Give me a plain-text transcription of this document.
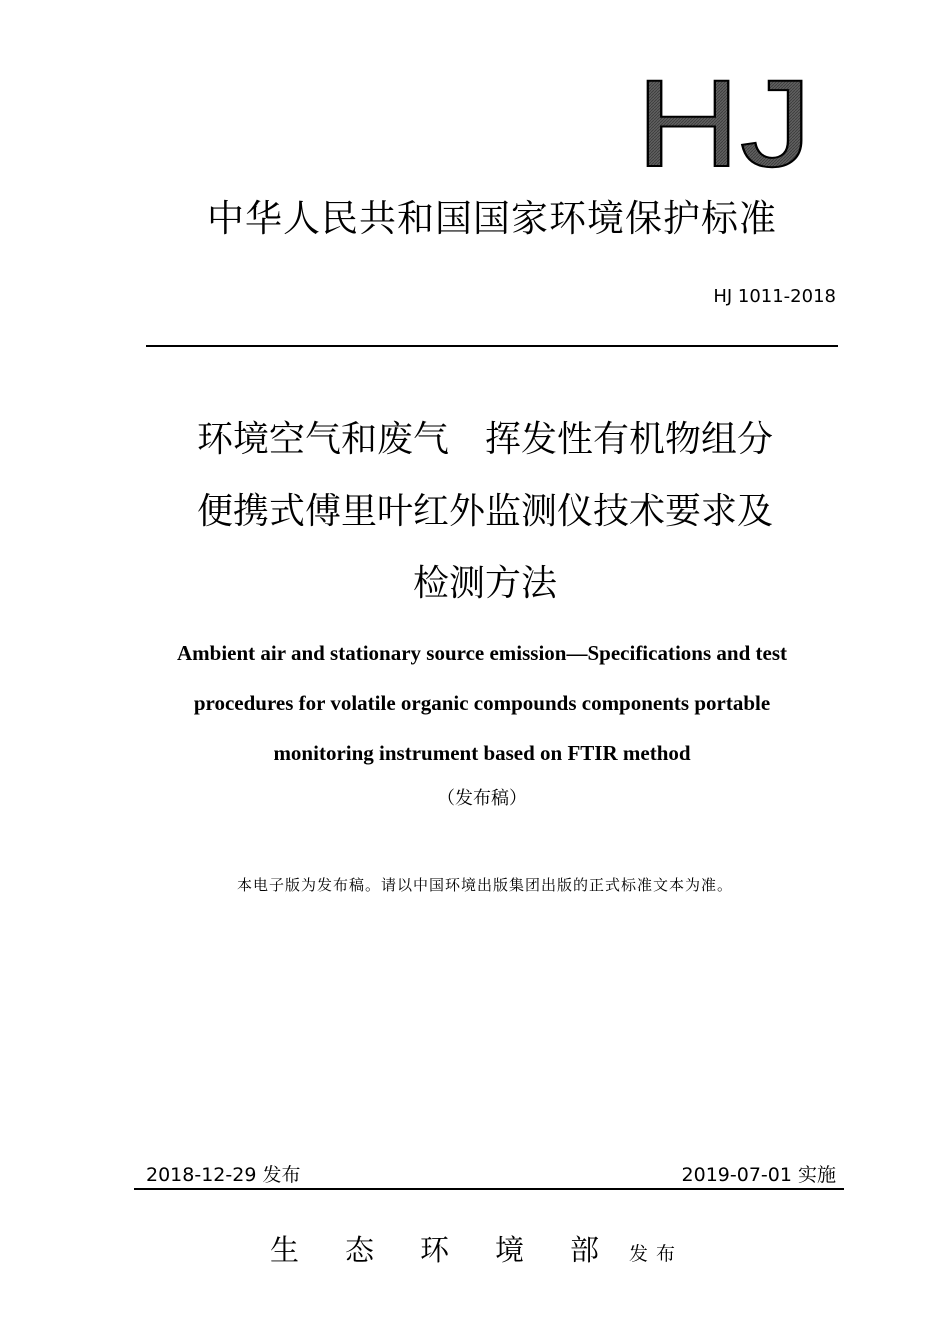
HJ
中华人民共和国国家环境保护标准
HJ 1011-2018
环境空气和废气　挥发性有机物组分
便携式傅里叶红外监测仪技术要求及
检测方法
Ambient air and stationary source emission—Specifications and test
procedures for volatile organic compounds components portable
monitoring instrument based on FTIR method
（发布稿）
本电子版为发布稿。请以中国环境出版集团出版的正式标准文本为准。
2018-12-29 发布	2019-07-01 实施
生态环境部发布
